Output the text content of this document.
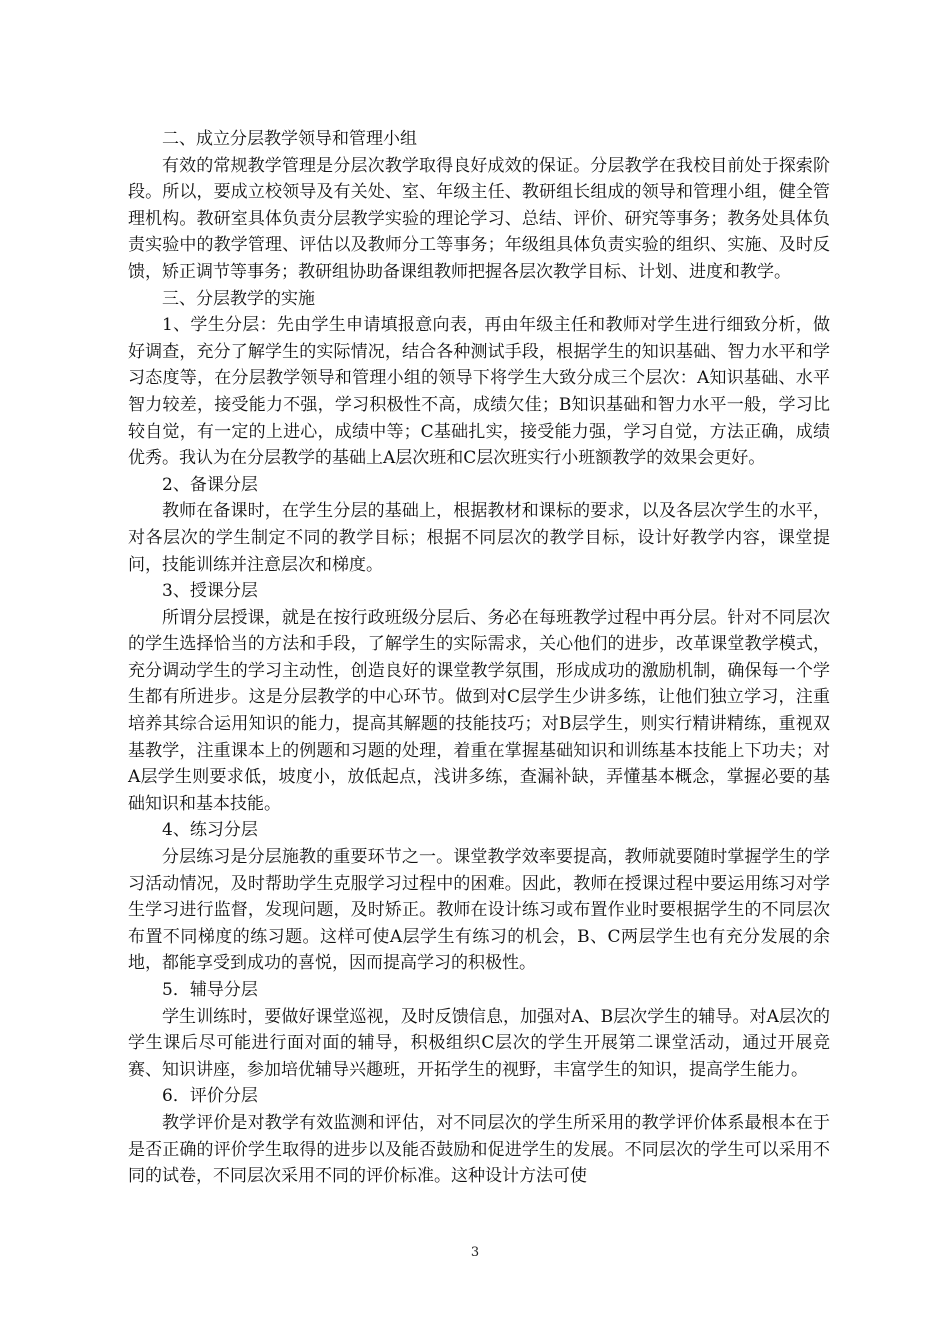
二、成立分层教学领导和管理小组

有效的常规教学管理是分层次教学取得良好成效的保证。分层教学在我校目前处于探索阶段。所以，要成立校领导及有关处、室、年级主任、教研组长组成的领导和管理小组，健全管理机构。教研室具体负责分层教学实验的理论学习、总结、评价、研究等事务；教务处具体负责实验中的教学管理、评估以及教师分工等事务；年级组具体负责实验的组织、实施、及时反馈，矫正调节等事务；教研组协助备课组教师把握各层次教学目标、计划、进度和教学。

三、分层教学的实施

1、学生分层：先由学生申请填报意向表，再由年级主任和教师对学生进行细致分析，做好调查，充分了解学生的实际情况，结合各种测试手段，根据学生的知识基础、智力水平和学习态度等，在分层教学领导和管理小组的领导下将学生大致分成三个层次：A知识基础、水平智力较差，接受能力不强，学习积极性不高，成绩欠佳；B知识基础和智力水平一般，学习比较自觉，有一定的上进心，成绩中等；C基础扎实，接受能力强，学习自觉，方法正确，成绩优秀。我认为在分层教学的基础上A层次班和C层次班实行小班额教学的效果会更好。

2、备课分层

教师在备课时，在学生分层的基础上，根据教材和课标的要求，以及各层次学生的水平，对各层次的学生制定不同的教学目标；根据不同层次的教学目标，设计好教学内容，课堂提问，技能训练并注意层次和梯度。

3、授课分层

所谓分层授课，就是在按行政班级分层后、务必在每班教学过程中再分层。针对不同层次的学生选择恰当的方法和手段，了解学生的实际需求，关心他们的进步，改革课堂教学模式，充分调动学生的学习主动性，创造良好的课堂教学氛围，形成成功的激励机制，确保每一个学生都有所进步。这是分层教学的中心环节。做到对C层学生少讲多练，让他们独立学习，注重培养其综合运用知识的能力，提高其解题的技能技巧；对B层学生，则实行精讲精练，重视双基教学，注重课本上的例题和习题的处理，着重在掌握基础知识和训练基本技能上下功夫；对A层学生则要求低，坡度小，放低起点，浅讲多练，查漏补缺，弄懂基本概念，掌握必要的基础知识和基本技能。

4、练习分层

分层练习是分层施教的重要环节之一。课堂教学效率要提高，教师就要随时掌握学生的学习活动情况，及时帮助学生克服学习过程中的困难。因此，教师在授课过程中要运用练习对学生学习进行监督，发现问题，及时矫正。教师在设计练习或布置作业时要根据学生的不同层次布置不同梯度的练习题。这样可使A层学生有练习的机会，B、C两层学生也有充分发展的余地，都能享受到成功的喜悦，因而提高学习的积极性。

5．辅导分层

学生训练时，要做好课堂巡视，及时反馈信息，加强对A、B层次学生的辅导。对A层次的学生课后尽可能进行面对面的辅导，积极组织C层次的学生开展第二课堂活动，通过开展竞赛、知识讲座，参加培优辅导兴趣班，开拓学生的视野，丰富学生的知识，提高学生能力。

6．评价分层

教学评价是对教学有效监测和评估，对不同层次的学生所采用的教学评价体系最根本在于是否正确的评价学生取得的进步以及能否鼓励和促进学生的发展。不同层次的学生可以采用不同的试卷，不同层次采用不同的评价标准。这种设计方法可使

3
